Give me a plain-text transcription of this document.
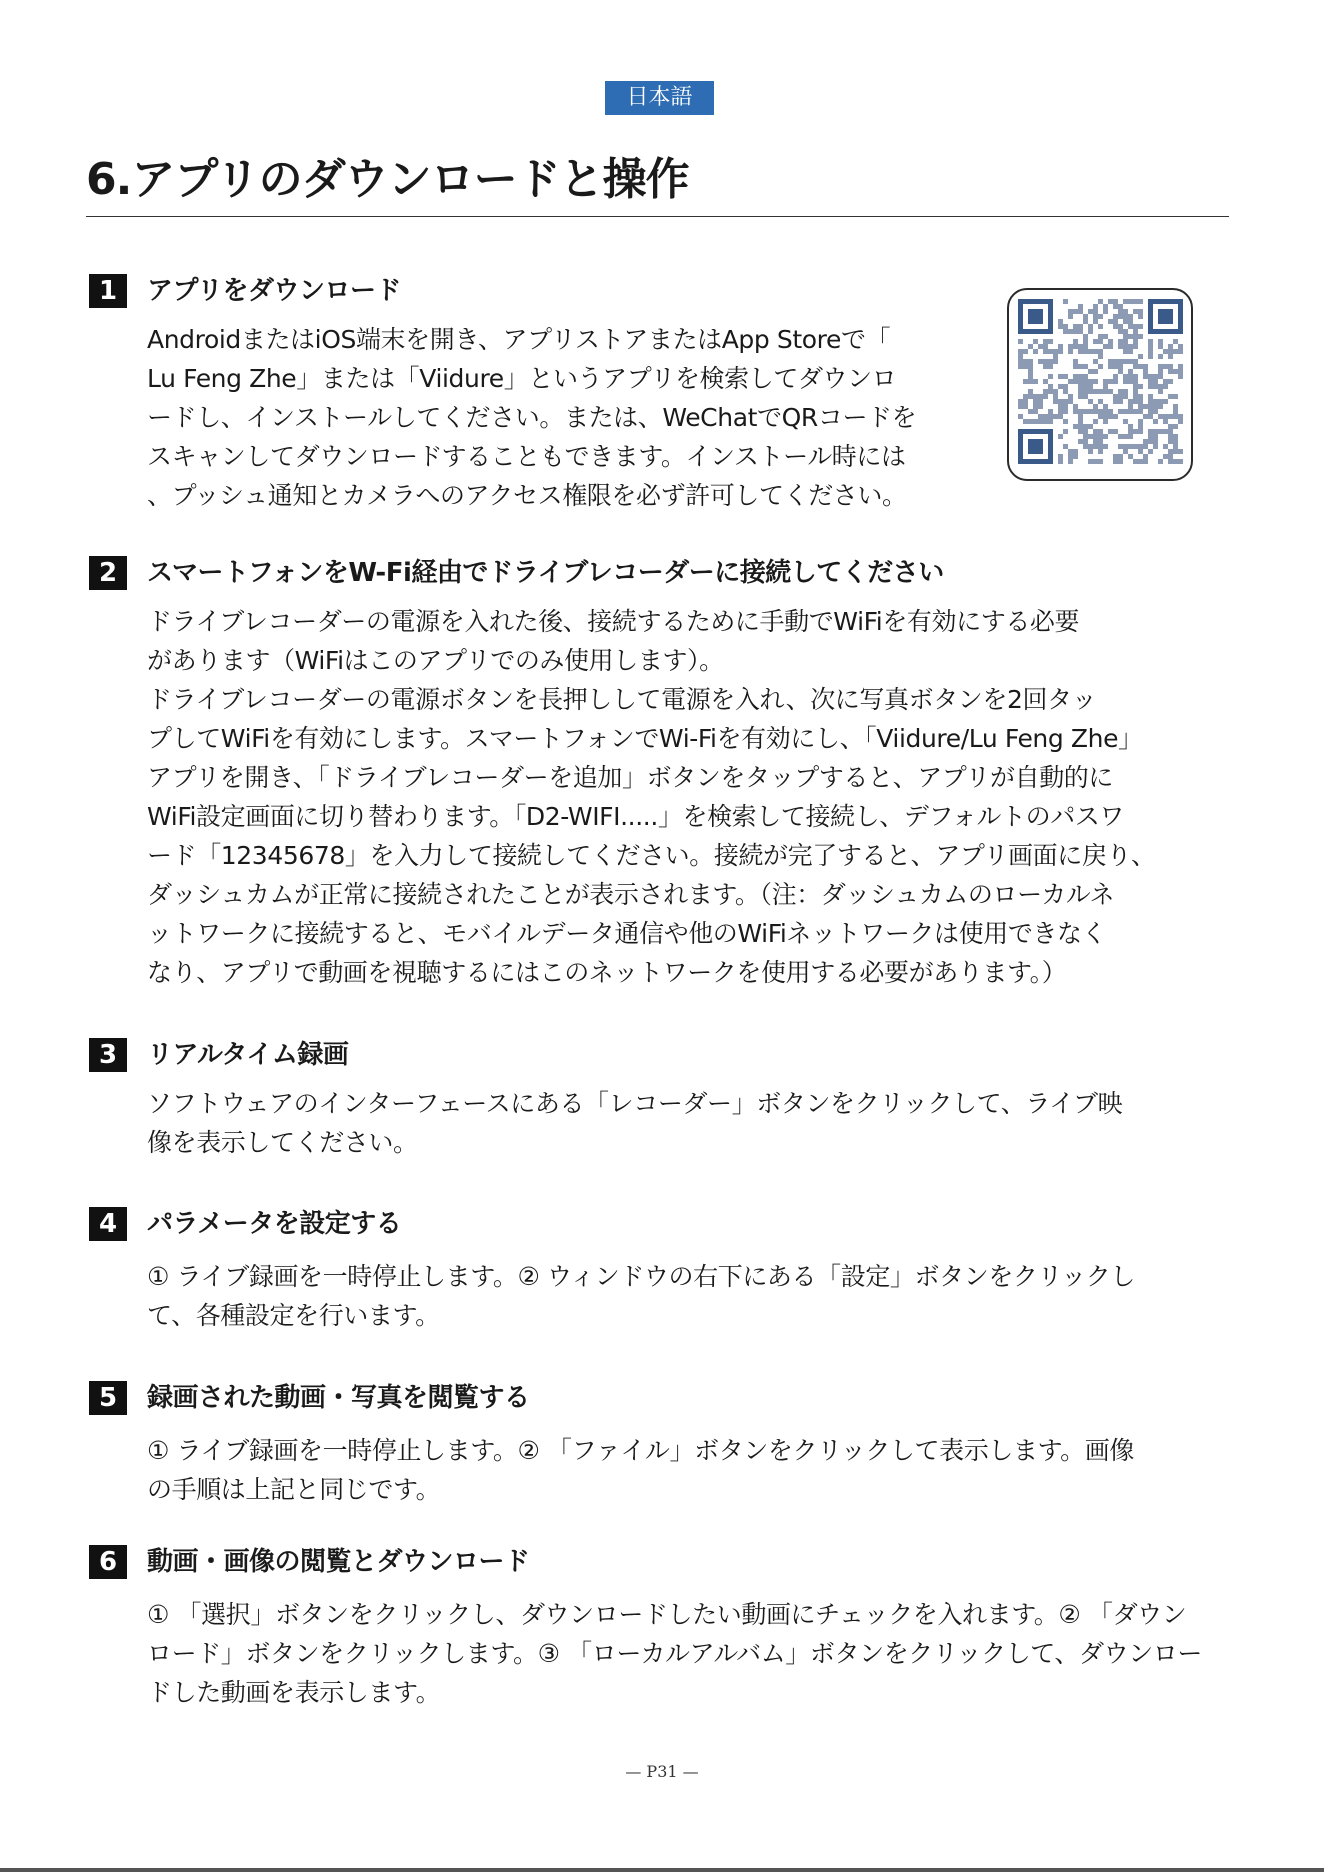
日本語
6.アプリのダウンロードと操作
1	アプリをダウンロード

AndroidまたはiOS端末を開き、アプリストアまたはApp Storeで「
Lu Feng Zhe」または「Viidure」というアプリを検索してダウンロ
ードし、インストールしてください。または、WeChatでQRコードを
スキャンしてダウンロードすることもできます。インストール時には
、プッシュ通知とカメラへのアクセス権限を必ず許可してください。

2	スマートフォンをW-Fi経由でドライブレコーダーに接続してください

ドライブレコーダーの電源を入れた後、接続するために手動でWiFiを有効にする必要
があります（WiFiはこのアプリでのみ使用します）。
ドライブレコーダーの電源ボタンを長押しして電源を入れ、次に写真ボタンを2回タッ
プしてWiFiを有効にします。スマートフォンでWi-Fiを有効にし、「Viidure/Lu Feng Zhe」
アプリを開き、「ドライブレコーダーを追加」ボタンをタップすると、アプリが自動的に
WiFi設定画面に切り替わります。「D2-WIFI.....」を検索して接続し、デフォルトのパスワ
ード「12345678」を入力して接続してください。接続が完了すると、アプリ画面に戻り、
ダッシュカムが正常に接続されたことが表示されます。（注：ダッシュカムのローカルネ
ットワークに接続すると、モバイルデータ通信や他のWiFiネットワークは使用できなく
なり、アプリで動画を視聴するにはこのネットワークを使用する必要があります。）

3	リアルタイム録画

ソフトウェアのインターフェースにある「レコーダー」ボタンをクリックして、ライブ映
像を表示してください。

4	パラメータを設定する

① ライブ録画を一時停止します。② ウィンドウの右下にある「設定」ボタンをクリックし
て、各種設定を行います。

5	録画された動画・写真を閲覧する

① ライブ録画を一時停止します。② 「ファイル」ボタンをクリックして表示します。画像
の手順は上記と同じです。

6	動画・画像の閲覧とダウンロード

① 「選択」ボタンをクリックし、ダウンロードしたい動画にチェックを入れます。② 「ダウン
ロード」ボタンをクリックします。③ 「ローカルアルバム」ボタンをクリックして、ダウンロー
ドした動画を表示します。

— P31 —
